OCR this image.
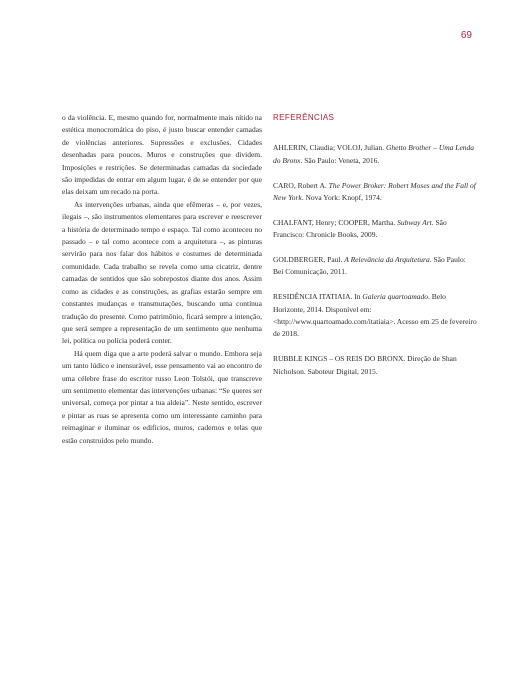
69

o da violência. E, mesmo quando for, normalmente mais nítido na estética monocromática do piso, é justo buscar entender camadas de violências anteriores. Supressões e exclusões. Cidades desenhadas para poucos. Muros e construções que dividem. Imposições e restrições. Se determinadas camadas da sociedade são impedidas de entrar em algum lugar, é de se entender por que elas deixam um recado na porta.

As intervenções urbanas, ainda que efêmeras – e, por vezes, ilegais –, são instrumentos elementares para escrever e reescrever a história de determinado tempo e espaço. Tal como aconteceu no passado – e tal como acontece com a arquitetura –, as pinturas servirão para nos falar dos hábitos e costumes de determinada comunidade. Cada trabalho se revela como uma cicatriz, dentre camadas de sentidos que são sobrepostos diante dos anos. Assim como as cidades e as construções, as grafias estarão sempre em constantes mudanças e transmutações, buscando uma contínua tradução do presente. Como patrimônio, ficará sempre a intenção, que será sempre a representação de um sentimento que nenhuma lei, política ou polícia poderá conter.

Há quem diga que a arte poderá salvar o mundo. Embora seja um tanto lúdico e inensurável, esse pensamento vai ao encontro de uma célebre frase do escritor russo Leon Tolstói, que transcreve um sentimento elementar das intervenções urbanas: “Se queres ser universal, começa por pintar a tua aldeia”. Neste sentido, escrever e pintar as ruas se apresenta como um interessante caminho para reimaginar e iluminar os edifícios, muros, cadernos e telas que estão construídos pelo mundo.

REFERÊNCIAS
AHLERIN, Claudia; VOLOJ, Julian. Ghetto Brother – Uma Lenda do Bronx. São Paulo: Veneta, 2016.
CARO, Robert A. The Power Broker: Robert Moses and the Fall of New York. Nova York: Knopf, 1974.
CHALFANT, Henry; COOPER, Martha. Subway Art. São Francisco: Chronicle Books, 2009.
GOLDBERGER, Paul. A Relevância da Arquitetura. São Paulo: Bei Comunicação, 2011.
RESIDÊNCIA ITATIAIA. In Galeria quartoamado. Belo Horizonte, 2014. Disponível em: <http://www.quartoamado.com/itatiaia>. Acesso em 25 de fevereiro de 2018.
RUBBLE KINGS – OS REIS DO BRONX. Direção de Shan Nicholson. Saboteur Digital, 2015.
